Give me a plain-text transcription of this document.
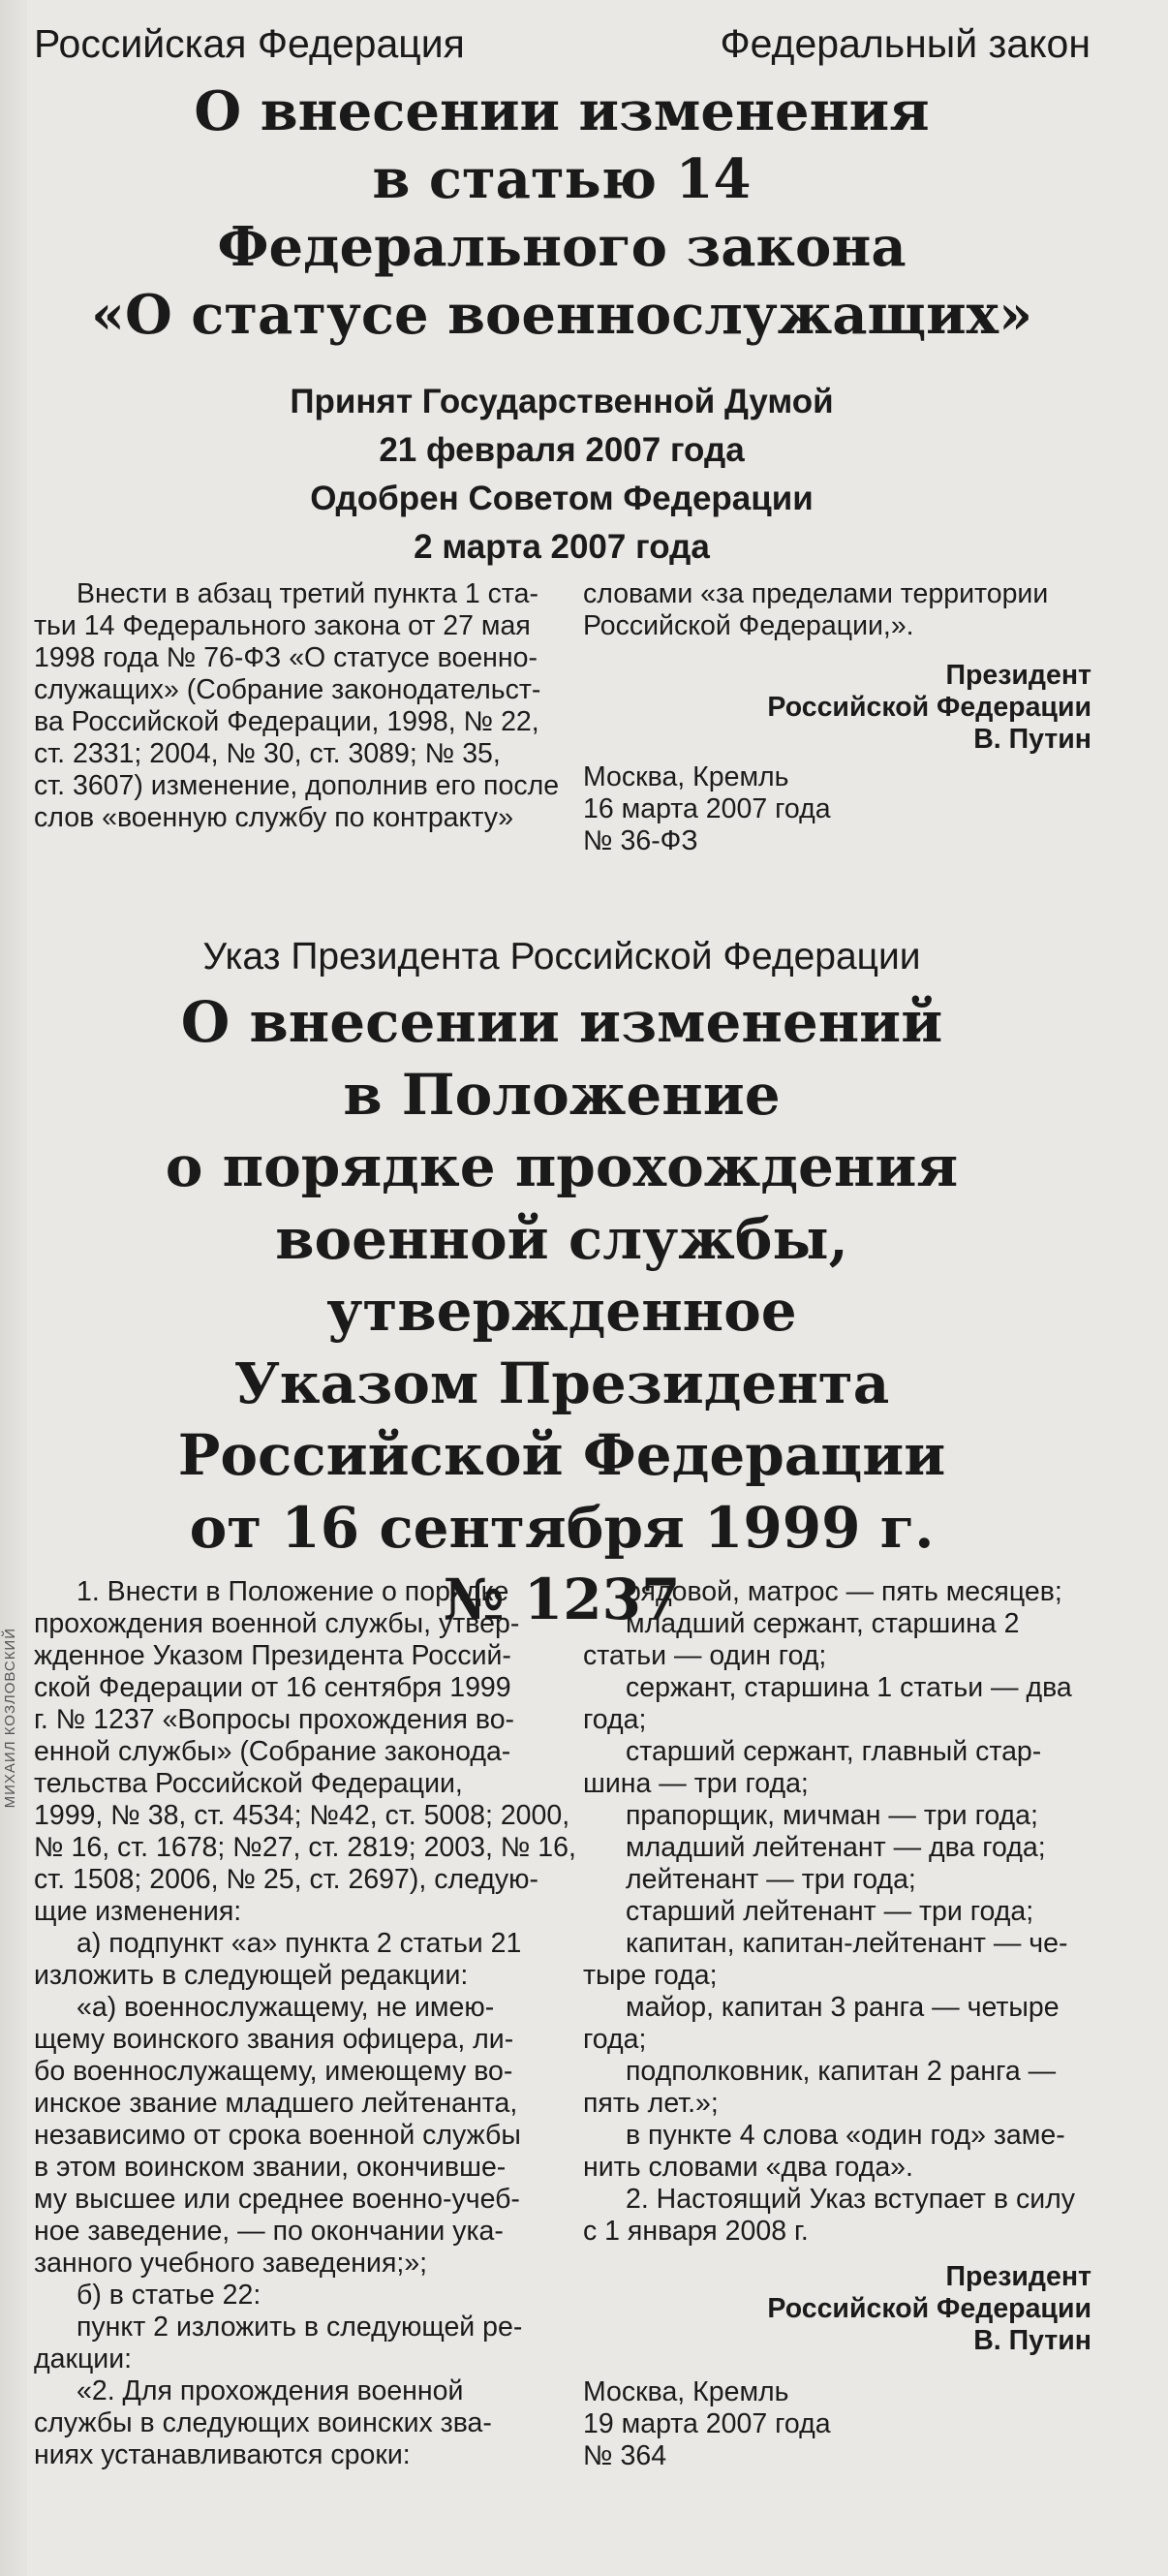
МИХАИЛ КОЗЛОВСКИЙ
Российская Федерация	Федеральный закон
О внесении изменения
в статью 14
Федерального закона
«О статусе военнослужащих»
Принят Государственной Думой
21 февраля 2007 года
Одобрен Советом Федерации
2 марта 2007 года
Внести в абзац третий пункта 1 ста-
тьи 14 Федерального закона от 27 мая
1998 года № 76-ФЗ «О статусе военно-
служащих» (Собрание законодательст-
ва Российской Федерации, 1998, № 22,
ст. 2331; 2004, № 30, ст. 3089; № 35,
ст. 3607) изменение, дополнив его после
слов «военную службу по контракту»
словами «за пределами территории
Российской Федерации,».
Президент
Российской Федерации
В. Путин
Москва, Кремль
16 марта 2007 года
№ 36-ФЗ
Указ Президента Российской Федерации
О внесении изменений
в Положение
о порядке прохождения
военной службы, утвержденное
Указом Президента
Российской Федерации
от 16 сентября 1999 г.
№ 1237
1. Внести в Положение о порядке
прохождения военной службы, утвер-
жденное Указом Президента Россий-
ской Федерации от 16 сентября 1999
г. № 1237 «Вопросы прохождения во-
енной службы» (Собрание законода-
тельства Российской Федерации,
1999, № 38, ст. 4534; №42, ст. 5008; 2000,
№ 16, ст. 1678; №27, ст. 2819; 2003, № 16,
ст. 1508; 2006, № 25, ст. 2697), следую-
щие изменения:
а) подпункт «а» пункта 2 статьи 21
изложить в следующей редакции:
«а) военнослужащему, не имею-
щему воинского звания офицера, ли-
бо военнослужащему, имеющему во-
инское звание младшего лейтенанта,
независимо от срока военной службы
в этом воинском звании, окончивше-
му высшее или среднее военно-учеб-
ное заведение, — по окончании ука-
занного учебного заведения;»;
б) в статье 22:
пункт 2 изложить в следующей ре-
дакции:
«2. Для прохождения военной
службы в следующих воинских зва-
ниях устанавливаются сроки:
рядовой, матрос — пять месяцев;
младший сержант, старшина 2
статьи — один год;
сержант, старшина 1 статьи — два
года;
старший сержант, главный стар-
шина — три года;
прапорщик, мичман — три года;
младший лейтенант — два года;
лейтенант — три года;
старший лейтенант — три года;
капитан, капитан-лейтенант — че-
тыре года;
майор, капитан 3 ранга — четыре
года;
подполковник, капитан 2 ранга —
пять лет.»;
в пункте 4 слова «один год» заме-
нить словами «два года».
2. Настоящий Указ вступает в силу
с 1 января 2008 г.
Президент
Российской Федерации
В. Путин
Москва, Кремль
19 марта 2007 года
№ 364
